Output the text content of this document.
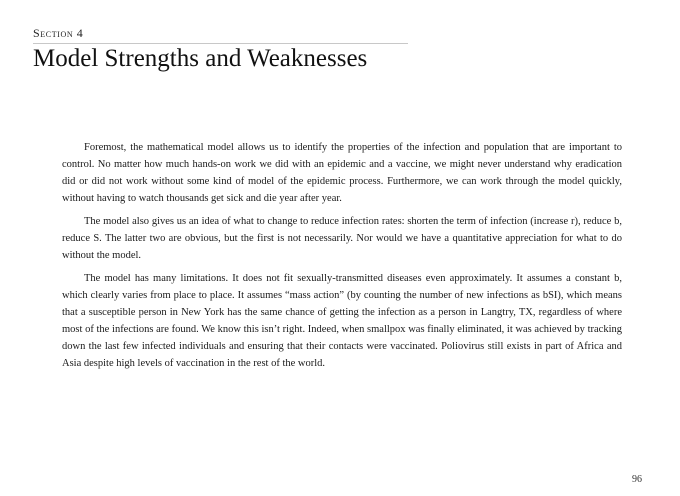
Section 4
Model Strengths and Weaknesses

Foremost, the mathematical model allows us to identify the properties of the infection and population that are important to control. No matter how much hands-on work we did with an epidemic and a vaccine, we might never understand why eradication did or did not work without some kind of model of the epidemic process. Furthermore, we can work through the model quickly, without having to watch thousands get sick and die year after year.

The model also gives us an idea of what to change to reduce infection rates: shorten the term of infection (increase r), reduce b, reduce S. The latter two are obvious, but the first is not necessarily. Nor would we have a quantitative appreciation for what to do without the model.

The model has many limitations. It does not fit sexually-transmitted diseases even approximately. It assumes a constant b, which clearly varies from place to place. It assumes “mass action” (by counting the number of new infections as bSI), which means that a susceptible person in New York has the same chance of getting the infection as a person in Langtry, TX, regardless of where most of the infections are found. We know this isn’t right. Indeed, when smallpox was finally eliminated, it was achieved by tracking down the last few infected individuals and ensuring that their contacts were vaccinated. Poliovirus still exists in part of Africa and Asia despite high levels of vaccination in the rest of the world.

96
